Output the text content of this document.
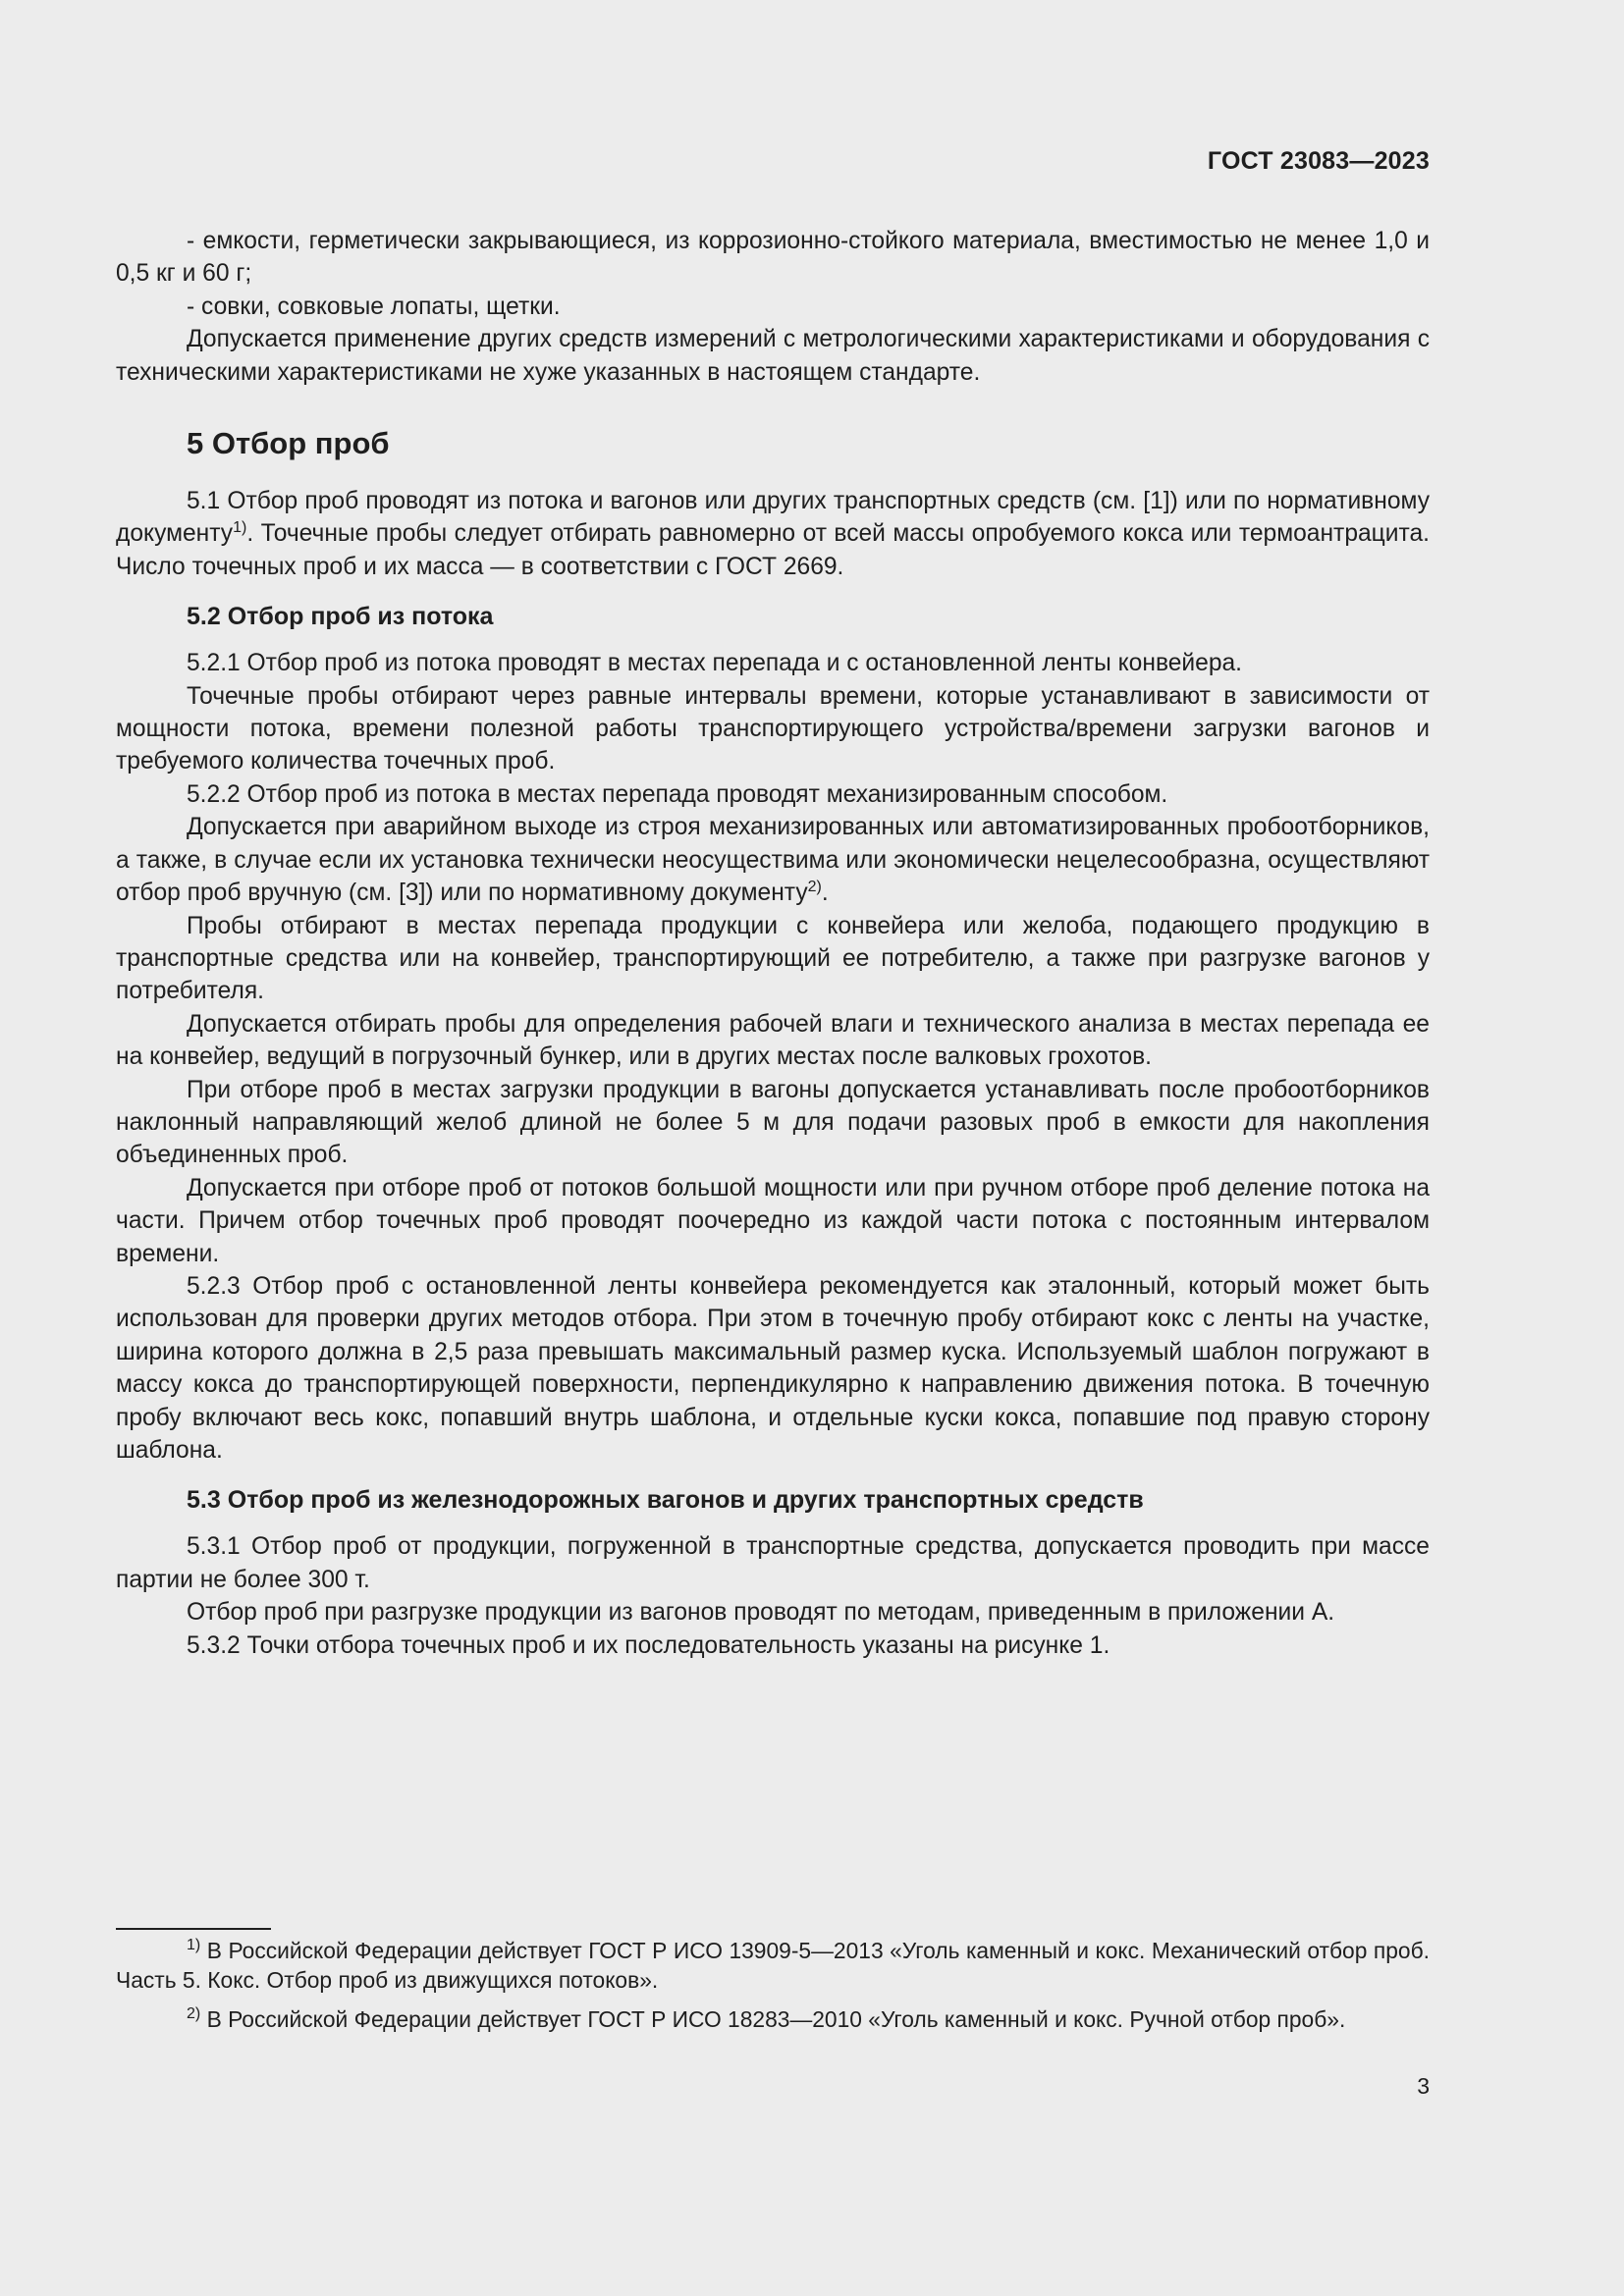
ГОСТ 23083—2023

- емкости, герметически закрывающиеся, из коррозионно-стойкого материала, вместимостью не менее 1,0 и 0,5 кг и 60 г;

- совки, совковые лопаты, щетки.

Допускается применение других средств измерений с метрологическими характеристиками и оборудования с техническими характеристиками не хуже указанных в настоящем стандарте.

5 Отбор проб

5.1 Отбор проб проводят из потока и вагонов или других транспортных средств (см. [1]) или по нормативному документу$^{1)}$. Точечные пробы следует отбирать равномерно от всей массы опробуемого кокса или термоантрацита. Число точечных проб и их масса — в соответствии с ГОСТ 2669.

5.2 Отбор проб из потока

5.2.1 Отбор проб из потока проводят в местах перепада и с остановленной ленты конвейера.

Точечные пробы отбирают через равные интервалы времени, которые устанавливают в зависимости от мощности потока, времени полезной работы транспортирующего устройства/времени загрузки вагонов и требуемого количества точечных проб.

5.2.2 Отбор проб из потока в местах перепада проводят механизированным способом.

Допускается при аварийном выходе из строя механизированных или автоматизированных пробоотборников, а также, в случае если их установка технически неосуществима или экономически нецелесообразна, осуществляют отбор проб вручную (см. [3]) или по нормативному документу$^{2)}$.

Пробы отбирают в местах перепада продукции с конвейера или желоба, подающего продукцию в транспортные средства или на конвейер, транспортирующий ее потребителю, а также при разгрузке вагонов у потребителя.

Допускается отбирать пробы для определения рабочей влаги и технического анализа в местах перепада ее на конвейер, ведущий в погрузочный бункер, или в других местах после валковых грохотов.

При отборе проб в местах загрузки продукции в вагоны допускается устанавливать после пробоотборников наклонный направляющий желоб длиной не более 5 м для подачи разовых проб в емкости для накопления объединенных проб.

Допускается при отборе проб от потоков большой мощности или при ручном отборе проб деление потока на части. Причем отбор точечных проб проводят поочередно из каждой части потока с постоянным интервалом времени.

5.2.3 Отбор проб с остановленной ленты конвейера рекомендуется как эталонный, который может быть использован для проверки других методов отбора. При этом в точечную пробу отбирают кокс с ленты на участке, ширина которого должна в 2,5 раза превышать максимальный размер куска. Используемый шаблон погружают в массу кокса до транспортирующей поверхности, перпендикулярно к направлению движения потока. В точечную пробу включают весь кокс, попавший внутрь шаблона, и отдельные куски кокса, попавшие под правую сторону шаблона.

5.3 Отбор проб из железнодорожных вагонов и других транспортных средств

5.3.1 Отбор проб от продукции, погруженной в транспортные средства, допускается проводить при массе партии не более 300 т.

Отбор проб при разгрузке продукции из вагонов проводят по методам, приведенным в приложении А.

5.3.2 Точки отбора точечных проб и их последовательность указаны на рисунке 1.

$^{1)}$ В Российской Федерации действует ГОСТ Р ИСО 13909-5—2013 «Уголь каменный и кокс. Механический отбор проб. Часть 5. Кокс. Отбор проб из движущихся потоков».

$^{2)}$ В Российской Федерации действует ГОСТ Р ИСО 18283—2010 «Уголь каменный и кокс. Ручной отбор проб».

3
